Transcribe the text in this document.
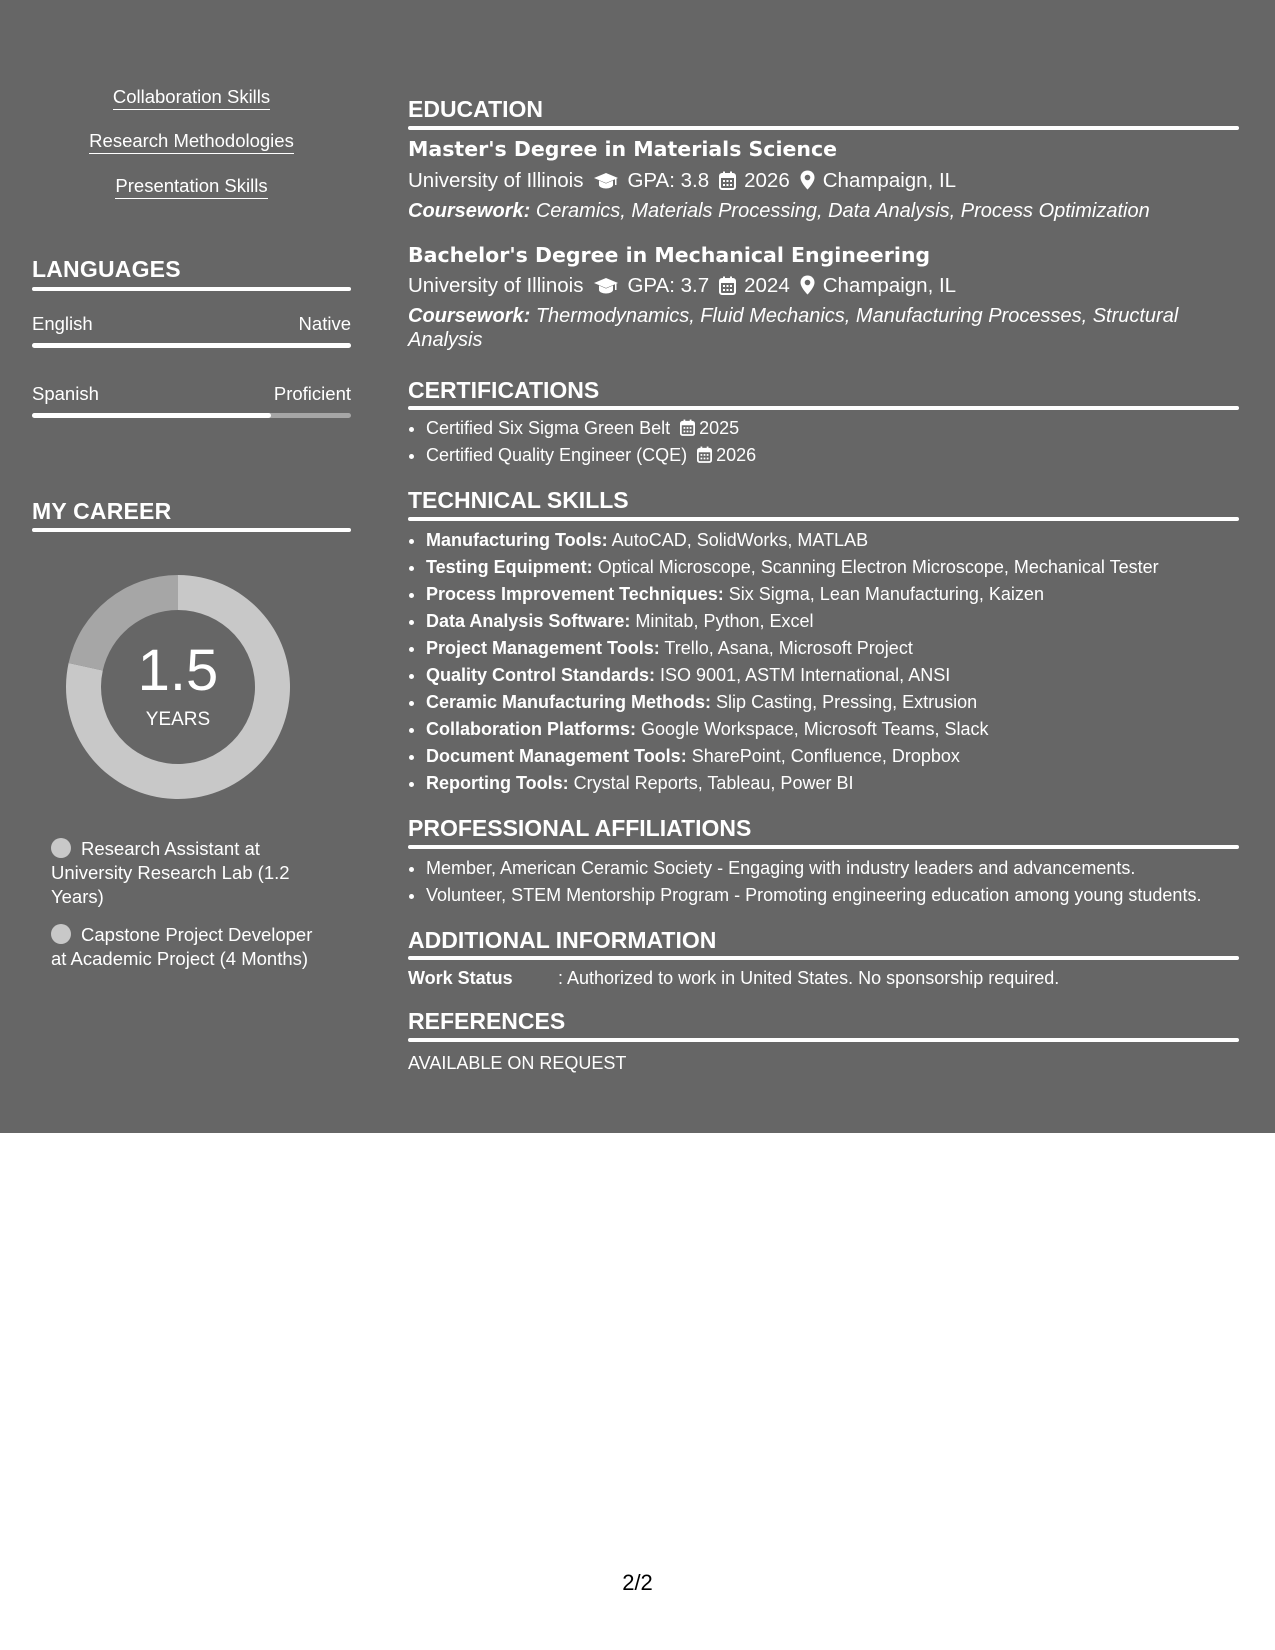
Collaboration Skills
Research Methodologies
Presentation Skills
LANGUAGES
English	Native
Spanish	Proficient
MY CAREER
1.5
YEARS
Research Assistant at University Research Lab (1.2 Years)
Capstone Project Developer at Academic Project (4 Months)
EDUCATION
Master's Degree in Materials Science
University of Illinois GPA: 3.8 2026 Champaign, IL
Coursework: Ceramics, Materials Processing, Data Analysis, Process Optimization
Bachelor's Degree in Mechanical Engineering
University of Illinois GPA: 3.7 2024 Champaign, IL
Coursework: Thermodynamics, Fluid Mechanics, Manufacturing Processes, Structural Analysis
CERTIFICATIONS
• Certified Six Sigma Green Belt 2025
• Certified Quality Engineer (CQE) 2026
TECHNICAL SKILLS
• Manufacturing Tools: AutoCAD, SolidWorks, MATLAB
• Testing Equipment: Optical Microscope, Scanning Electron Microscope, Mechanical Tester
• Process Improvement Techniques: Six Sigma, Lean Manufacturing, Kaizen
• Data Analysis Software: Minitab, Python, Excel
• Project Management Tools: Trello, Asana, Microsoft Project
• Quality Control Standards: ISO 9001, ASTM International, ANSI
• Ceramic Manufacturing Methods: Slip Casting, Pressing, Extrusion
• Collaboration Platforms: Google Workspace, Microsoft Teams, Slack
• Document Management Tools: SharePoint, Confluence, Dropbox
• Reporting Tools: Crystal Reports, Tableau, Power BI
PROFESSIONAL AFFILIATIONS
• Member, American Ceramic Society - Engaging with industry leaders and advancements.
• Volunteer, STEM Mentorship Program - Promoting engineering education among young students.
ADDITIONAL INFORMATION
Work Status	: Authorized to work in United States. No sponsorship required.
REFERENCES
AVAILABLE ON REQUEST
2/2
